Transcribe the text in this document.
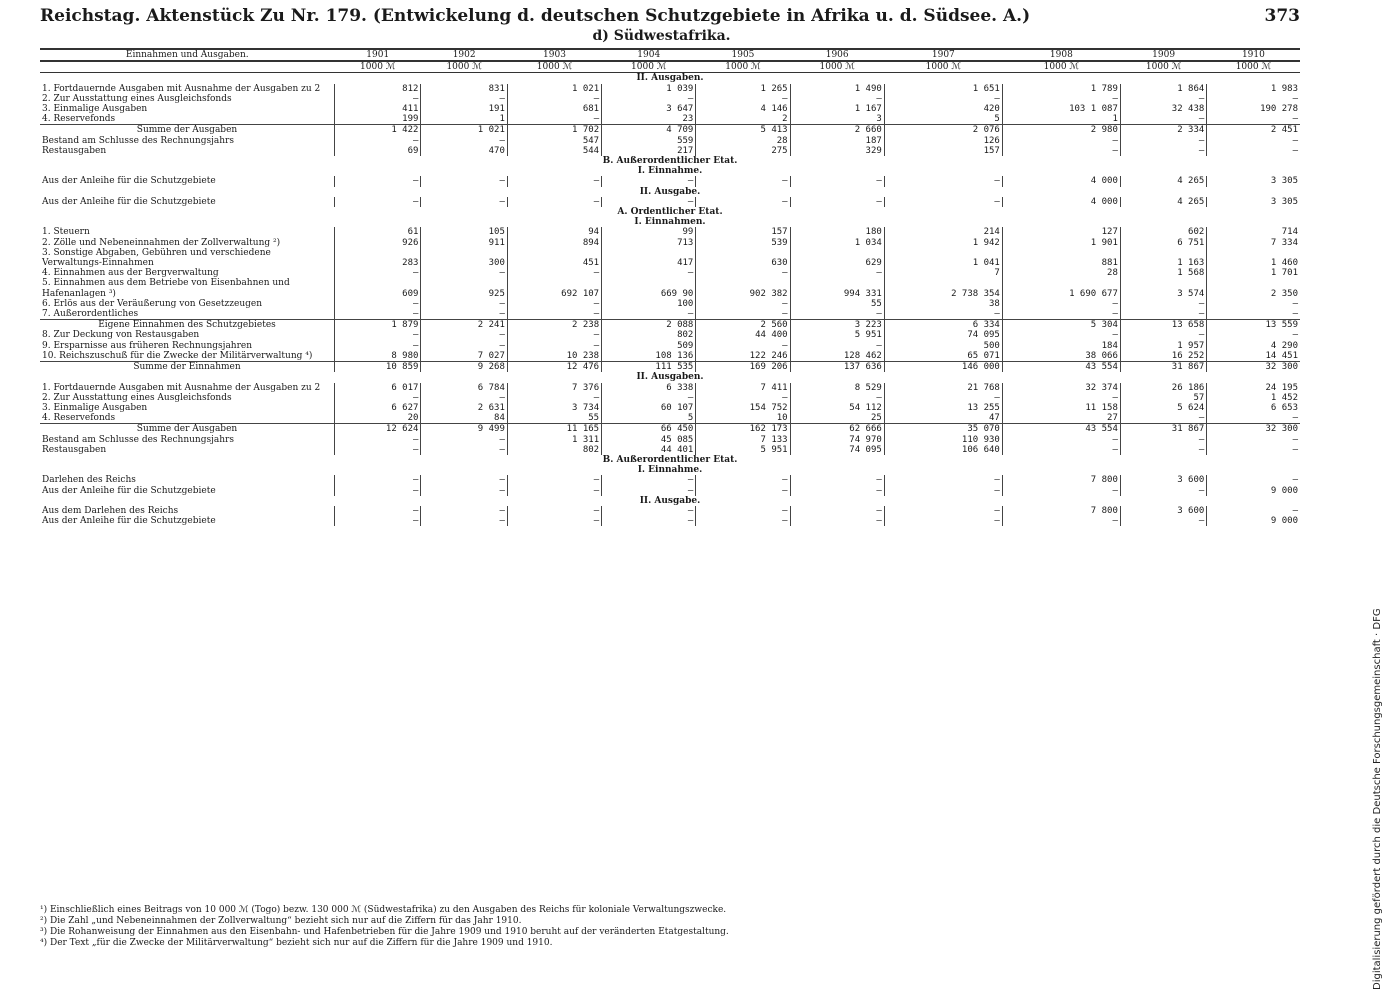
Reichstag. Aktenstück Zu Nr. 179. (Entwickelung d. deutschen Schutzgebiete in Afrika u. d. Südsee. A.)	373
d) Südwestafrika.
Einnahmen und Ausgaben.	1901	1902	1903	1904	1905	1906	1907	1908	1909	1910
	1000 ℳ	1000 ℳ	1000 ℳ	1000 ℳ	1000 ℳ	1000 ℳ	1000 ℳ	1000 ℳ	1000 ℳ	1000 ℳ
II. Ausgaben.										
1. Fortdauernde Ausgaben mit Ausnahme der Ausgaben zu 2	812	831	1 021	1 039	1 265	1 490	1 651	1 789	1 864	1 983
2. Zur Ausstattung eines Ausgleichsfonds	—	—	—	—	—	—	—	—	—	—
3. Einmalige Ausgaben	411	191	681	3 647	4 146	1 167	420	103 1 087	32 438	190 278
4. Reservefonds	199	1	—	23	2	3	5	1	—	—
Summe der Ausgaben	1 422	1 021	1 702	4 709	5 413	2 660	2 076	2 980	2 334	2 451
Bestand am Schlusse des Rechnungsjahrs	—	—	547	559	28	187	126	—	—	—
Restausgaben	69	470	544	217	275	329	157	—	—	—
B. Außerordentlicher Etat.										
I. Einnahme.										
Aus der Anleihe für die Schutzgebiete	—	—	—	—	—	—	—	4 000	4 265	3 305
II. Ausgabe.										
Aus der Anleihe für die Schutzgebiete	—	—	—	—	—	—	—	4 000	4 265	3 305
A. Ordentlicher Etat.										
I. Einnahmen.										
1. Steuern	61	105	94	99	157	180	214	127	602	714
2. Zölle und Nebeneinnahmen der Zollverwaltung ²)	926	911	894	713	539	1 034	1 942	1 901	6 751	7 334
3. Sonstige Abgaben, Gebühren und verschiedene Verwaltungs-Einnahmen	283	300	451	417	630	629	1 041	881	1 163	1 460
4. Einnahmen aus der Bergverwaltung	—	—	—	—	—	—	7	28	1 568	1 701
5. Einnahmen aus dem Betriebe von Eisenbahnen und Hafenanlagen ³)	609	925	692 107	669 90	902 382	994 331	2 738 354	1 690 677	3 574	2 350
6. Erlös aus der Veräußerung von Gesetzzeugen	—	—	—	100	—	55	38	—	—	—
7. Außerordentliches	—	—	—	—	—	—	—	—	—	—
Eigene Einnahmen des Schutzgebietes	1 879	2 241	2 238	2 088	2 560	3 223	6 334	5 304	13 658	13 559
8. Zur Deckung von Restausgaben	—	—	—	802	44 400	5 951	74 095	—	—	—
9. Ersparnisse aus früheren Rechnungsjahren	—	—	—	509	—	—	500	184	1 957	4 290
10. Reichszuschuß für die Zwecke der Militärverwaltung ⁴)	8 980	7 027	10 238	108 136	122 246	128 462	65 071	38 066	16 252	14 451
Summe der Einnahmen	10 859	9 268	12 476	111 535	169 206	137 636	146 000	43 554	31 867	32 300
II. Ausgaben.										
1. Fortdauernde Ausgaben mit Ausnahme der Ausgaben zu 2	6 017	6 784	7 376	6 338	7 411	8 529	21 768	32 374	26 186	24 195
2. Zur Ausstattung eines Ausgleichsfonds	—	—	—	—	—	—	—	—	57	1 452
3. Einmalige Ausgaben	6 627	2 631	3 734	60 107	154 752	54 112	13 255	11 158	5 624	6 653
4. Reservefonds	20	84	55	5	10	25	47	27	—	—
Summe der Ausgaben	12 624	9 499	11 165	66 450	162 173	62 666	35 070	43 554	31 867	32 300
Bestand am Schlusse des Rechnungsjahrs	—	—	1 311	45 085	7 133	74 970	110 930	—	—	—
Restausgaben	—	—	802	44 401	5 951	74 095	106 640	—	—	—
B. Außerordentlicher Etat.										
I. Einnahme.										
Darlehen des Reichs	—	—	—	—	—	—	—	7 800	3 600	—
Aus der Anleihe für die Schutzgebiete	—	—	—	—	—	—	—	—	—	9 000
II. Ausgabe.										
Aus dem Darlehen des Reichs	—	—	—	—	—	—	—	7 800	3 600	—
Aus der Anleihe für die Schutzgebiete	—	—	—	—	—	—	—	—	—	9 000
¹) Einschließlich eines Beitrags von 10 000 ℳ (Togo) bezw. 130 000 ℳ (Südwestafrika) zu den Ausgaben des Reichs für koloniale Verwaltungszwecke.
²) Die Zahl „und Nebeneinnahmen der Zollverwaltung“ bezieht sich nur auf die Ziffern für das Jahr 1910.
³) Die Rohanweisung der Einnahmen aus den Eisenbahn- und Hafenbetrieben für die Jahre 1909 und 1910 beruht auf der veränderten Etatgestaltung.
⁴) Der Text „für die Zwecke der Militärverwaltung“ bezieht sich nur auf die Ziffern für die Jahre 1909 und 1910.	Digitalisierung gefördert durch die Deutsche Forschungsgemeinschaft · DFG
